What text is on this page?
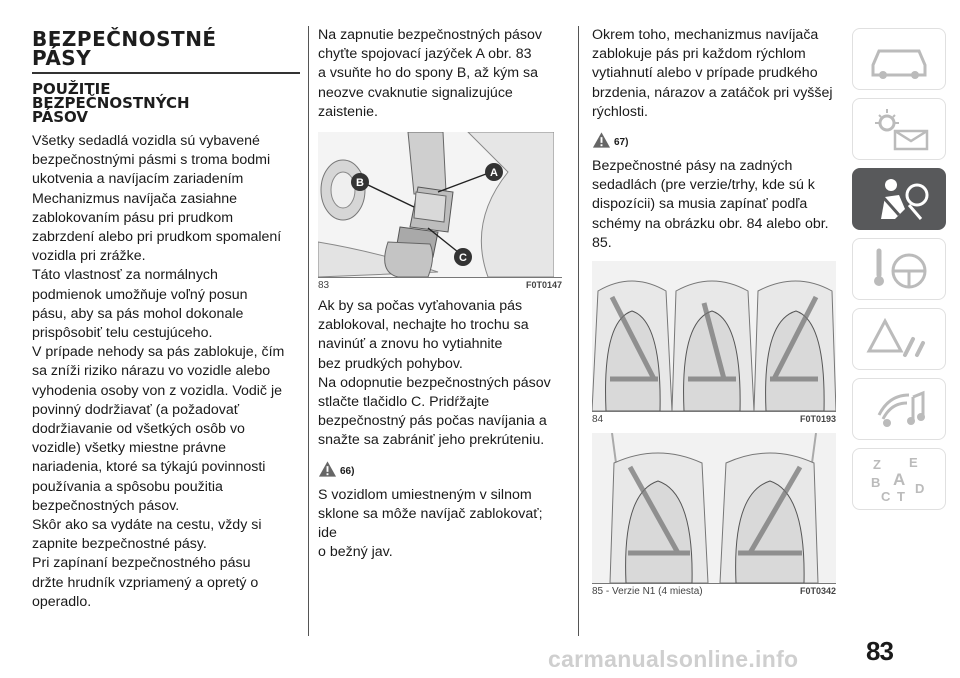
BEZPEČNOSTNÉ
PÁSY
POUŽITIE
BEZPEČNOSTNÝCH
PÁSOV

Všetky sedadlá vozidla sú vybavené
bezpečnostnými pásmi s troma bodmi
ukotvenia a navíjacím zariadením
Mechanizmus navíjača zasiahne
zablokovaním pásu pri prudkom
zabrzdení alebo pri prudkom spomalení
vozidla pri zrážke.
Táto vlastnosť za normálnych
podmienok umožňuje voľný posun
pásu, aby sa pás mohol dokonale
prispôsobiť telu cestujúceho.
V prípade nehody sa pás zablokuje, čím
sa zníži riziko nárazu vo vozidle alebo
vyhodenia osoby von z vozidla. Vodič je
povinný dodržiavať (a požadovať
dodržiavanie od všetkých osôb vo
vozidle) všetky miestne právne
nariadenia, ktoré sa týkajú povinnosti
používania a spôsobu použitia
bezpečnostných pásov.
Skôr ako sa vydáte na cestu, vždy si
zapnite bezpečnostné pásy.
Pri zapínaní bezpečnostného pásu
držte hrudník vzpriamený a opretý o
operadlo.

Na zapnutie bezpečnostných pásov
chyťte spojovací jazýček A obr. 83
a vsuňte ho do spony B, až kým sa
neozve cvaknutie signalizujúce
zaistenie.

A
B
C
83	F0T0147

Ak by sa počas vyťahovania pás
zablokoval, nechajte ho trochu sa
navinúť a znovu ho vytiahnite
bez prudkých pohybov.
Na odopnutie bezpečnostných pásov
stlačte tlačidlo C. Pridŕžajte
bezpečnostný pás počas navíjania a
snažte sa zabrániť jeho prekrúteniu.

66)

S vozidlom umiestneným v silnom
sklone sa môže navíjač zablokovať; ide
o bežný jav.

Okrem toho, mechanizmus navíjača
zablokuje pás pri každom rýchlom
vytiahnutí alebo v prípade prudkého
brzdenia, nárazov a zatáčok pri vyššej
rýchlosti.

67)

Bezpečnostné pásy na zadných
sedadlách (pre verzie/trhy, kde sú k
dispozícii) sa musia zapínať podľa
schémy na obrázku obr. 84 alebo obr.
85.

84	F0T0193
85 - Verzie N1 (4 miesta)	F0T0342
Z E
B A
C
D
T
carmanualsonline.info	83
